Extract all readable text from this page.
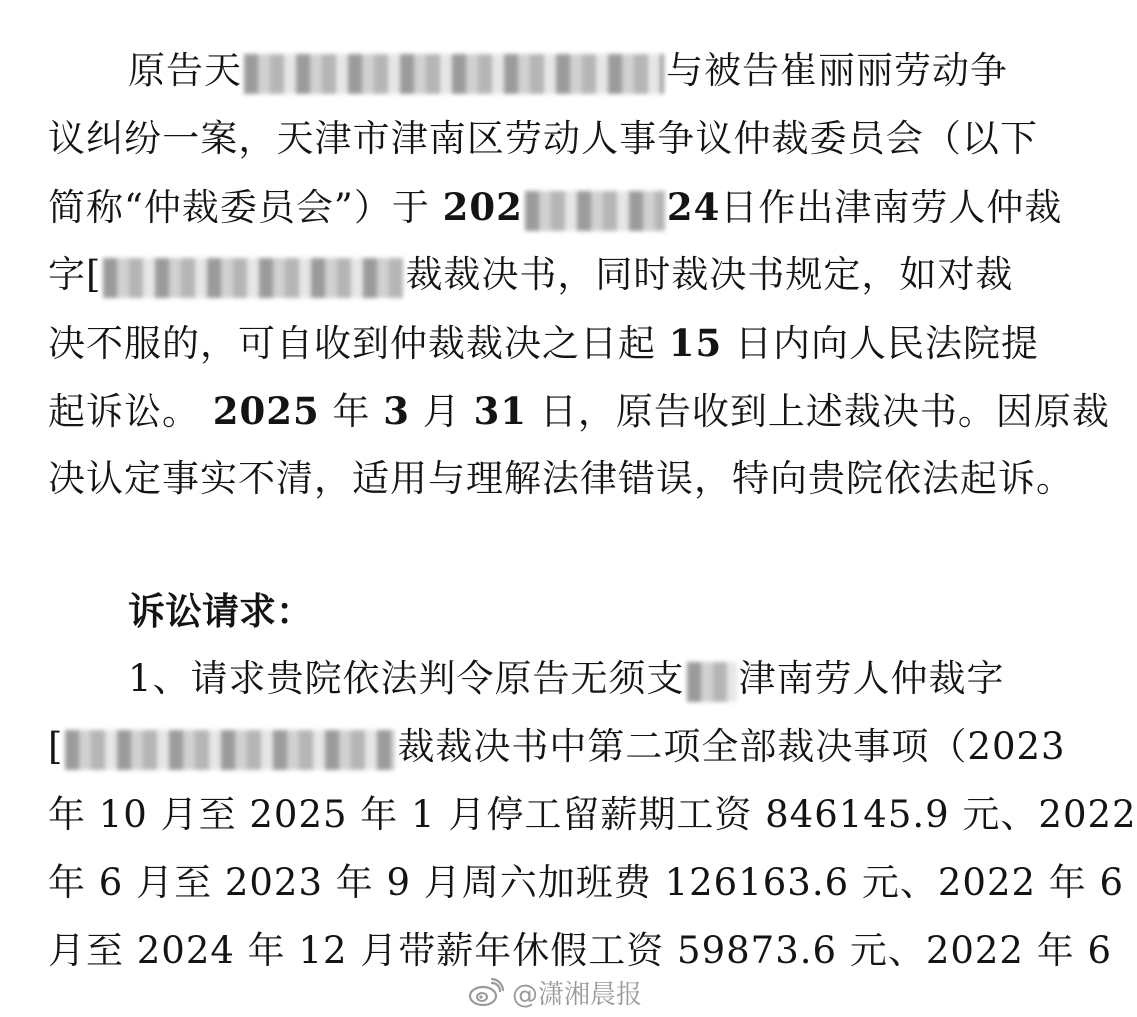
原告天	与被告崔丽丽劳动争
议纠纷一案，天津市津南区劳动人事争议仲裁委员会（以下
简称“仲裁委员会”）于 202	24日作出津南劳人仲裁
字[	裁裁决书，同时裁决书规定，如对裁
决不服的，可自收到仲裁裁决之日起 15 日内向人民法院提
起诉讼。 2025 年 3 月 31 日，原告收到上述裁决书。因原裁
决认定事实不清，适用与理解法律错误，特向贵院依法起诉。
诉讼请求：
1、请求贵院依法判令原告无须支 津南劳人仲裁字
[	裁裁决书中第二项全部裁决事项（2023
年 10 月至 2025 年 1 月停工留薪期工资 846145.9 元、2022
年 6 月至 2023 年 9 月周六加班费 126163.6 元、2022 年 6
月至 2024 年 12 月带薪年休假工资 59873.6 元、2022 年 6
@潇湘晨报
